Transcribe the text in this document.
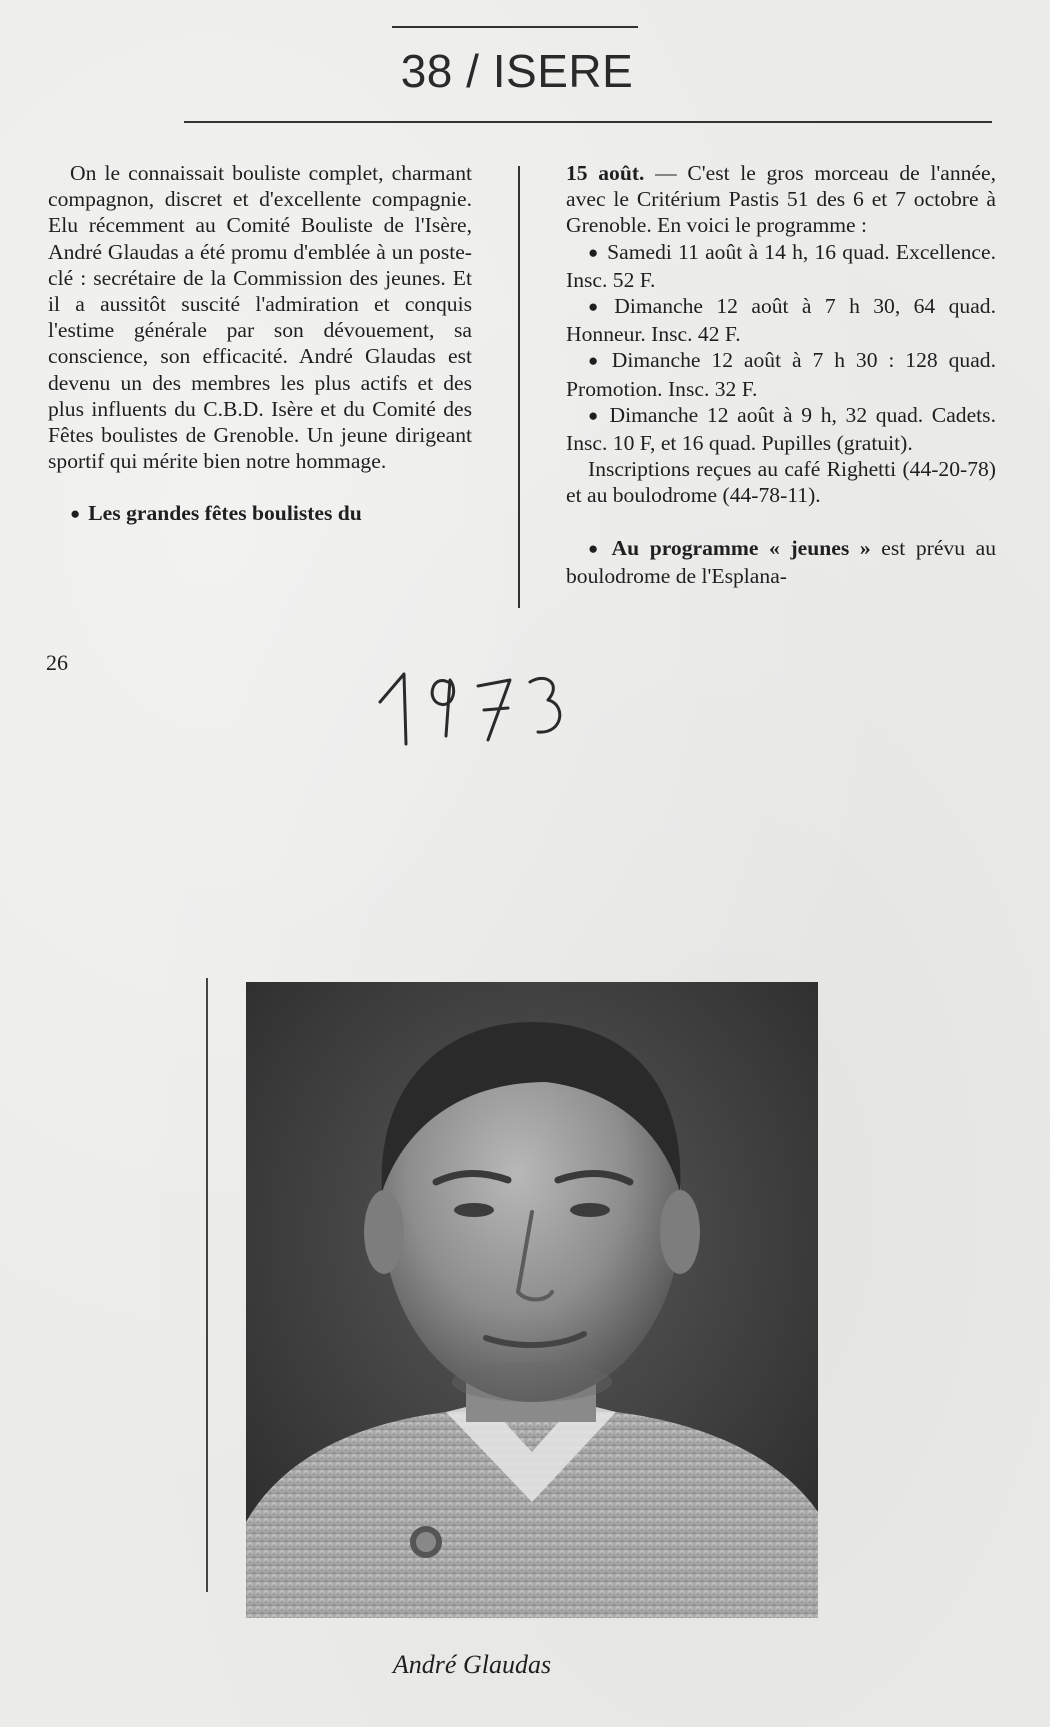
38 / ISERE

On le connaissait bouliste complet, charmant compagnon, discret et d'excellente compagnie. Elu récemment au Comité Bouliste de l'Isère, André Glaudas a été promu d'emblée à un poste-clé : secrétaire de la Commission des jeunes. Et il a aussitôt suscité l'admiration et conquis l'estime générale par son dévouement, sa conscience, son efficacité. André Glaudas est devenu un des membres les plus actifs et des plus influents du C.B.D. Isère et du Comité des Fêtes boulistes de Grenoble. Un jeune dirigeant sportif qui mérite bien notre hommage.

● Les grandes fêtes boulistes du

15 août. — C'est le gros morceau de l'année, avec le Critérium Pastis 51 des 6 et 7 octobre à Grenoble. En voici le programme :

● Samedi 11 août à 14 h, 16 quad. Excellence. Insc. 52 F.

● Dimanche 12 août à 7 h 30, 64 quad. Honneur. Insc. 42 F.

● Dimanche 12 août à 7 h 30 : 128 quad. Promotion. Insc. 32 F.

● Dimanche 12 août à 9 h, 32 quad. Cadets. Insc. 10 F, et 16 quad. Pupilles (gratuit).

Inscriptions reçues au café Righetti (44-20-78) et au boulodrome (44-78-11).

● Au programme « jeunes » est prévu au boulodrome de l'Esplana-

26
André Glaudas
